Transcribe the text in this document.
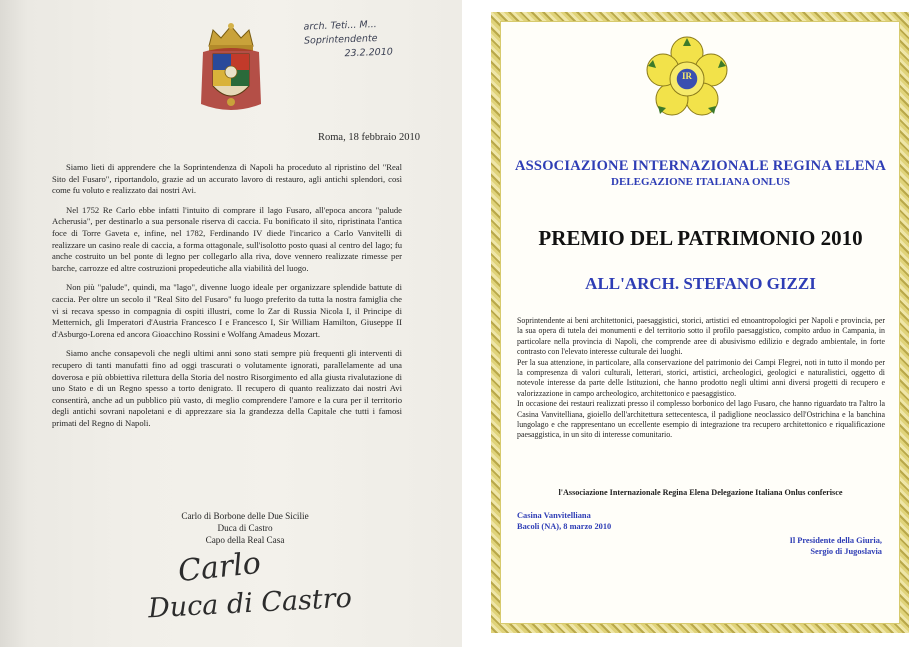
arch. Teti... M...
Soprintendente
23.2.2010
Roma, 18 febbraio 2010

Siamo lieti di apprendere che la Soprintendenza di Napoli ha proceduto al ripristino del "Real Sito del Fusaro", riportandolo, grazie ad un accurato lavoro di restauro, agli antichi splendori, così come fu voluto e realizzato dai nostri Avi.

Nel 1752 Re Carlo ebbe infatti l'intuito di comprare il lago Fusaro, all'epoca ancora "palude Acherusia", per destinarlo a sua personale riserva di caccia. Fu bonificato il sito, ripristinata l'antica foce di Torre Gaveta e, infine, nel 1782, Ferdinando IV diede l'incarico a Carlo Vanvitelli di realizzare un casino reale di caccia, a forma ottagonale, sull'isolotto posto quasi al centro del lago; fu anche costruito un bel ponte di legno per collegarlo alla riva, dove vennero realizzate rimesse per barche, carrozze ed altre costruzioni propedeutiche alla viabilità del luogo.

Non più "palude", quindi, ma "lago", divenne luogo ideale per organizzare splendide battute di caccia. Per oltre un secolo il "Real Sito del Fusaro" fu luogo preferito da tutta la nostra famiglia che vi si recava spesso in compagnia di ospiti illustri, come lo Zar di Russia Nicola I, il Principe di Metternich, gli Imperatori d'Austria Francesco I e Francesco I, Sir William Hamilton, Giuseppe II d'Asburgo-Lorena ed ancora Gioacchino Rossini e Wolfang Amadeus Mozart.

Siamo anche consapevoli che negli ultimi anni sono stati sempre più frequenti gli interventi di recupero di tanti manufatti fino ad oggi trascurati o volutamente ignorati, parallelamente ad una doverosa e più obbiettiva rilettura della Storia del nostro Risorgimento ed alla giusta rivalutazione di uno Stato e di un Regno spesso a torto denigrato. Il recupero di quanto realizzato dai nostri Avi consentirà, anche ad un pubblico più vasto, di meglio comprendere l'amore e la cura per il territorio degli antichi sovrani napoletani e di apprezzare sia la grandezza della Capitale che tutti i famosi primati del Regno di Napoli.

Carlo di Borbone delle Due Sicilie
Duca di Castro
Capo della Real Casa
Carlo
Duca di Castro
IR
ASSOCIAZIONE INTERNAZIONALE REGINA ELENA
DELEGAZIONE ITALIANA ONLUS
PREMIO DEL PATRIMONIO 2010
ALL'ARCH. STEFANO GIZZI
Soprintendente ai beni architettonici, paesaggistici, storici, artistici ed etnoantropologici per Napoli e provincia, per la sua opera di tutela dei monumenti e del territorio sotto il profilo paesaggistico, compito arduo in Campania, in particolare nella provincia di Napoli, che comprende aree di abusivismo edilizio e degrado ambientale, in forte contrasto con l'elevato interesse culturale dei luoghi.
Per la sua attenzione, in particolare, alla conservazione del patrimonio dei Campi Flegrei, noti in tutto il mondo per la compresenza di valori culturali, letterari, storici, artistici, archeologici, geologici e naturalistici, oggetto di notevole interesse da parte delle Istituzioni, che hanno prodotto negli ultimi anni diversi progetti di recupero e valorizzazione in campo archeologico, architettonico e paesaggistico.
In occasione dei restauri realizzati presso il complesso borbonico del lago Fusaro, che hanno riguardato tra l'altro la Casina Vanvitelliana, gioiello dell'architettura settecentesca, il padiglione neoclassico dell'Ostrichina e la banchina lungolago e che rappresentano un eccellente esempio di integrazione tra recupero architettonico e riqualificazione paesaggistica, in un sito di interesse comunitario.
l'Associazione Internazionale Regina Elena Delegazione Italiana Onlus conferisce
Casina Vanvitelliana
Bacoli (NA), 8 marzo 2010
Il Presidente della Giuria,
Sergio di Jugoslavia
